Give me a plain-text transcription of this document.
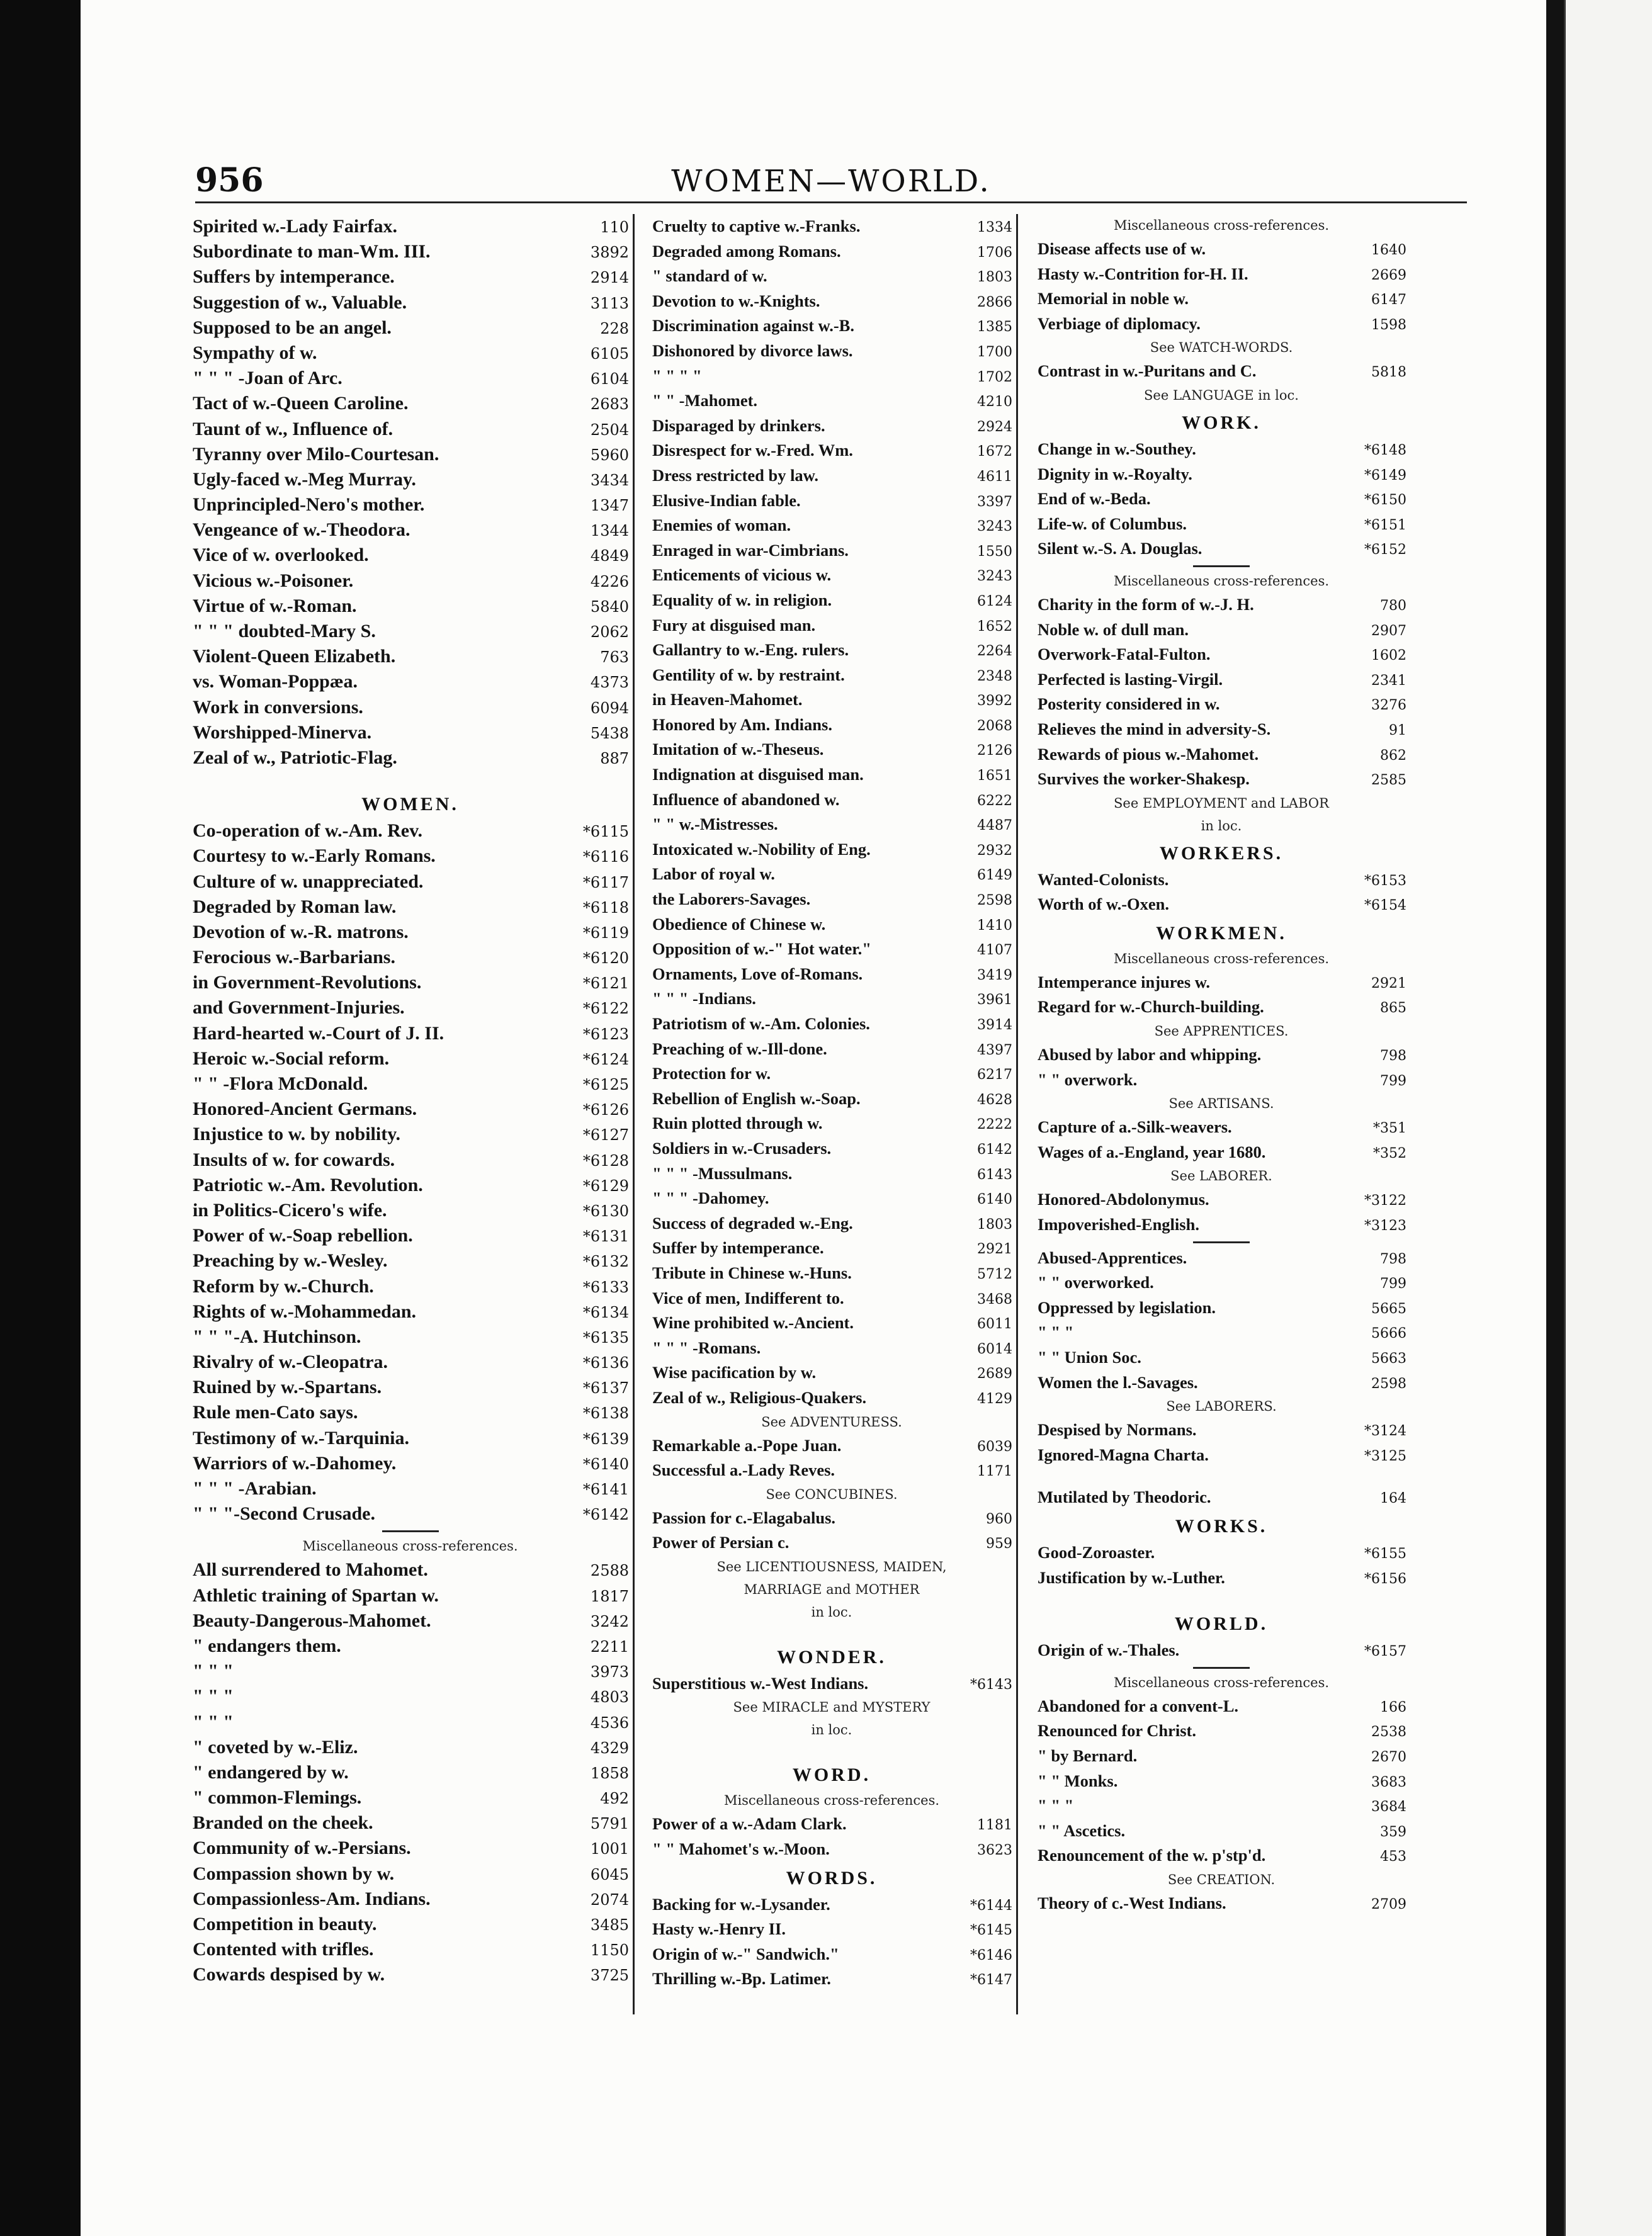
956	WOMEN—WORLD.
Spirited w.-Lady Fairfax.	110
Subordinate to man-Wm. III.	3892
Suffers by intemperance.	2914
Suggestion of w., Valuable.	3113
Supposed to be an angel.	228
Sympathy of w.	6105
" " " -Joan of Arc.	6104
Tact of w.-Queen Caroline.	2683
Taunt of w., Influence of.	2504
Tyranny over Milo-Courtesan.	5960
Ugly-faced w.-Meg Murray.	3434
Unprincipled-Nero's mother.	1347
Vengeance of w.-Theodora.	1344
Vice of w. overlooked.	4849
Vicious w.-Poisoner.	4226
Virtue of w.-Roman.	5840
" " " doubted-Mary S.	2062
Violent-Queen Elizabeth.	763
vs. Woman-Poppæa.	4373
Work in conversions.	6094
Worshipped-Minerva.	5438
Zeal of w., Patriotic-Flag.	887
WOMEN.
Co-operation of w.-Am. Rev.	*6115
Courtesy to w.-Early Romans.	*6116
Culture of w. unappreciated.	*6117
Degraded by Roman law.	*6118
Devotion of w.-R. matrons.	*6119
Ferocious w.-Barbarians.	*6120
in Government-Revolutions.	*6121
and Government-Injuries.	*6122
Hard-hearted w.-Court of J. II.	*6123
Heroic w.-Social reform.	*6124
" " -Flora McDonald.	*6125
Honored-Ancient Germans.	*6126
Injustice to w. by nobility.	*6127
Insults of w. for cowards.	*6128
Patriotic w.-Am. Revolution.	*6129
in Politics-Cicero's wife.	*6130
Power of w.-Soap rebellion.	*6131
Preaching by w.-Wesley.	*6132
Reform by w.-Church.	*6133
Rights of w.-Mohammedan.	*6134
" " "-A. Hutchinson.	*6135
Rivalry of w.-Cleopatra.	*6136
Ruined by w.-Spartans.	*6137
Rule men-Cato says.	*6138
Testimony of w.-Tarquinia.	*6139
Warriors of w.-Dahomey.	*6140
" " " -Arabian.	*6141
" " "-Second Crusade.	*6142
Miscellaneous cross-references.
All surrendered to Mahomet.	2588
Athletic training of Spartan w.	1817
Beauty-Dangerous-Mahomet.	3242
" endangers them.	2211
" " "	3973
" " "	4803
" " "	4536
" coveted by w.-Eliz.	4329
" endangered by w.	1858
" common-Flemings.	492
Branded on the cheek.	5791
Community of w.-Persians.	1001
Compassion shown by w.	6045
Compassionless-Am. Indians.	2074
Competition in beauty.	3485
Contented with trifles.	1150
Cowards despised by w.	3725
Cruelty to captive w.-Franks.	1334
Degraded among Romans.	1706
" standard of w.	1803
Devotion to w.-Knights.	2866
Discrimination against w.-B.	1385
Dishonored by divorce laws.	1700
" " " "	1702
" " -Mahomet.	4210
Disparaged by drinkers.	2924
Disrespect for w.-Fred. Wm.	1672
Dress restricted by law.	4611
Elusive-Indian fable.	3397
Enemies of woman.	3243
Enraged in war-Cimbrians.	1550
Enticements of vicious w.	3243
Equality of w. in religion.	6124
Fury at disguised man.	1652
Gallantry to w.-Eng. rulers.	2264
Gentility of w. by restraint.	2348
in Heaven-Mahomet.	3992
Honored by Am. Indians.	2068
Imitation of w.-Theseus.	2126
Indignation at disguised man.	1651
Influence of abandoned w.	6222
" " w.-Mistresses.	4487
Intoxicated w.-Nobility of Eng.	2932
Labor of royal w.	6149
the Laborers-Savages.	2598
Obedience of Chinese w.	1410
Opposition of w.-" Hot water."	4107
Ornaments, Love of-Romans.	3419
" " " -Indians.	3961
Patriotism of w.-Am. Colonies.	3914
Preaching of w.-Ill-done.	4397
Protection for w.	6217
Rebellion of English w.-Soap.	4628
Ruin plotted through w.	2222
Soldiers in w.-Crusaders.	6142
" " " -Mussulmans.	6143
" " " -Dahomey.	6140
Success of degraded w.-Eng.	1803
Suffer by intemperance.	2921
Tribute in Chinese w.-Huns.	5712
Vice of men, Indifferent to.	3468
Wine prohibited w.-Ancient.	6011
" " " -Romans.	6014
Wise pacification by w.	2689
Zeal of w., Religious-Quakers.	4129
See ADVENTURESS.
Remarkable a.-Pope Juan.	6039
Successful a.-Lady Reves.	1171
See CONCUBINES.
Passion for c.-Elagabalus.	960
Power of Persian c.	959
See LICENTIOUSNESS, MAIDEN,
MARRIAGE and MOTHER
in loc.
WONDER.
Superstitious w.-West Indians.	*6143
See MIRACLE and MYSTERY
in loc.
WORD.
Miscellaneous cross-references.
Power of a w.-Adam Clark.	1181
" " Mahomet's w.-Moon.	3623
WORDS.
Backing for w.-Lysander.	*6144
Hasty w.-Henry II.	*6145
Origin of w.-" Sandwich."	*6146
Thrilling w.-Bp. Latimer.	*6147
Miscellaneous cross-references.
Disease affects use of w.	1640
Hasty w.-Contrition for-H. II.	2669
Memorial in noble w.	6147
Verbiage of diplomacy.	1598
See WATCH-WORDS.
Contrast in w.-Puritans and C.	5818
See LANGUAGE in loc.
WORK.
Change in w.-Southey.	*6148
Dignity in w.-Royalty.	*6149
End of w.-Beda.	*6150
Life-w. of Columbus.	*6151
Silent w.-S. A. Douglas.	*6152
Miscellaneous cross-references.
Charity in the form of w.-J. H.	780
Noble w. of dull man.	2907
Overwork-Fatal-Fulton.	1602
Perfected is lasting-Virgil.	2341
Posterity considered in w.	3276
Relieves the mind in adversity-S.	91
Rewards of pious w.-Mahomet.	862
Survives the worker-Shakesp.	2585
See EMPLOYMENT and LABOR
in loc.
WORKERS.
Wanted-Colonists.	*6153
Worth of w.-Oxen.	*6154
WORKMEN.
Miscellaneous cross-references.
Intemperance injures w.	2921
Regard for w.-Church-building.	865
See APPRENTICES.
Abused by labor and whipping.	798
" " overwork.	799
See ARTISANS.
Capture of a.-Silk-weavers.	*351
Wages of a.-England, year 1680.	*352
See LABORER.
Honored-Abdolonymus.	*3122
Impoverished-English.	*3123
Abused-Apprentices.	798
" " overworked.	799
Oppressed by legislation.	5665
" " "	5666
" " Union Soc.	5663
Women the l.-Savages.	2598
See LABORERS.
Despised by Normans.	*3124
Ignored-Magna Charta.	*3125
Mutilated by Theodoric.	164
WORKS.
Good-Zoroaster.	*6155
Justification by w.-Luther.	*6156
WORLD.
Origin of w.-Thales.	*6157
Miscellaneous cross-references.
Abandoned for a convent-L.	166
Renounced for Christ.	2538
" by Bernard.	2670
" " Monks.	3683
" " "	3684
" " Ascetics.	359
Renouncement of the w. p'stp'd.	453
See CREATION.
Theory of c.-West Indians.	2709
